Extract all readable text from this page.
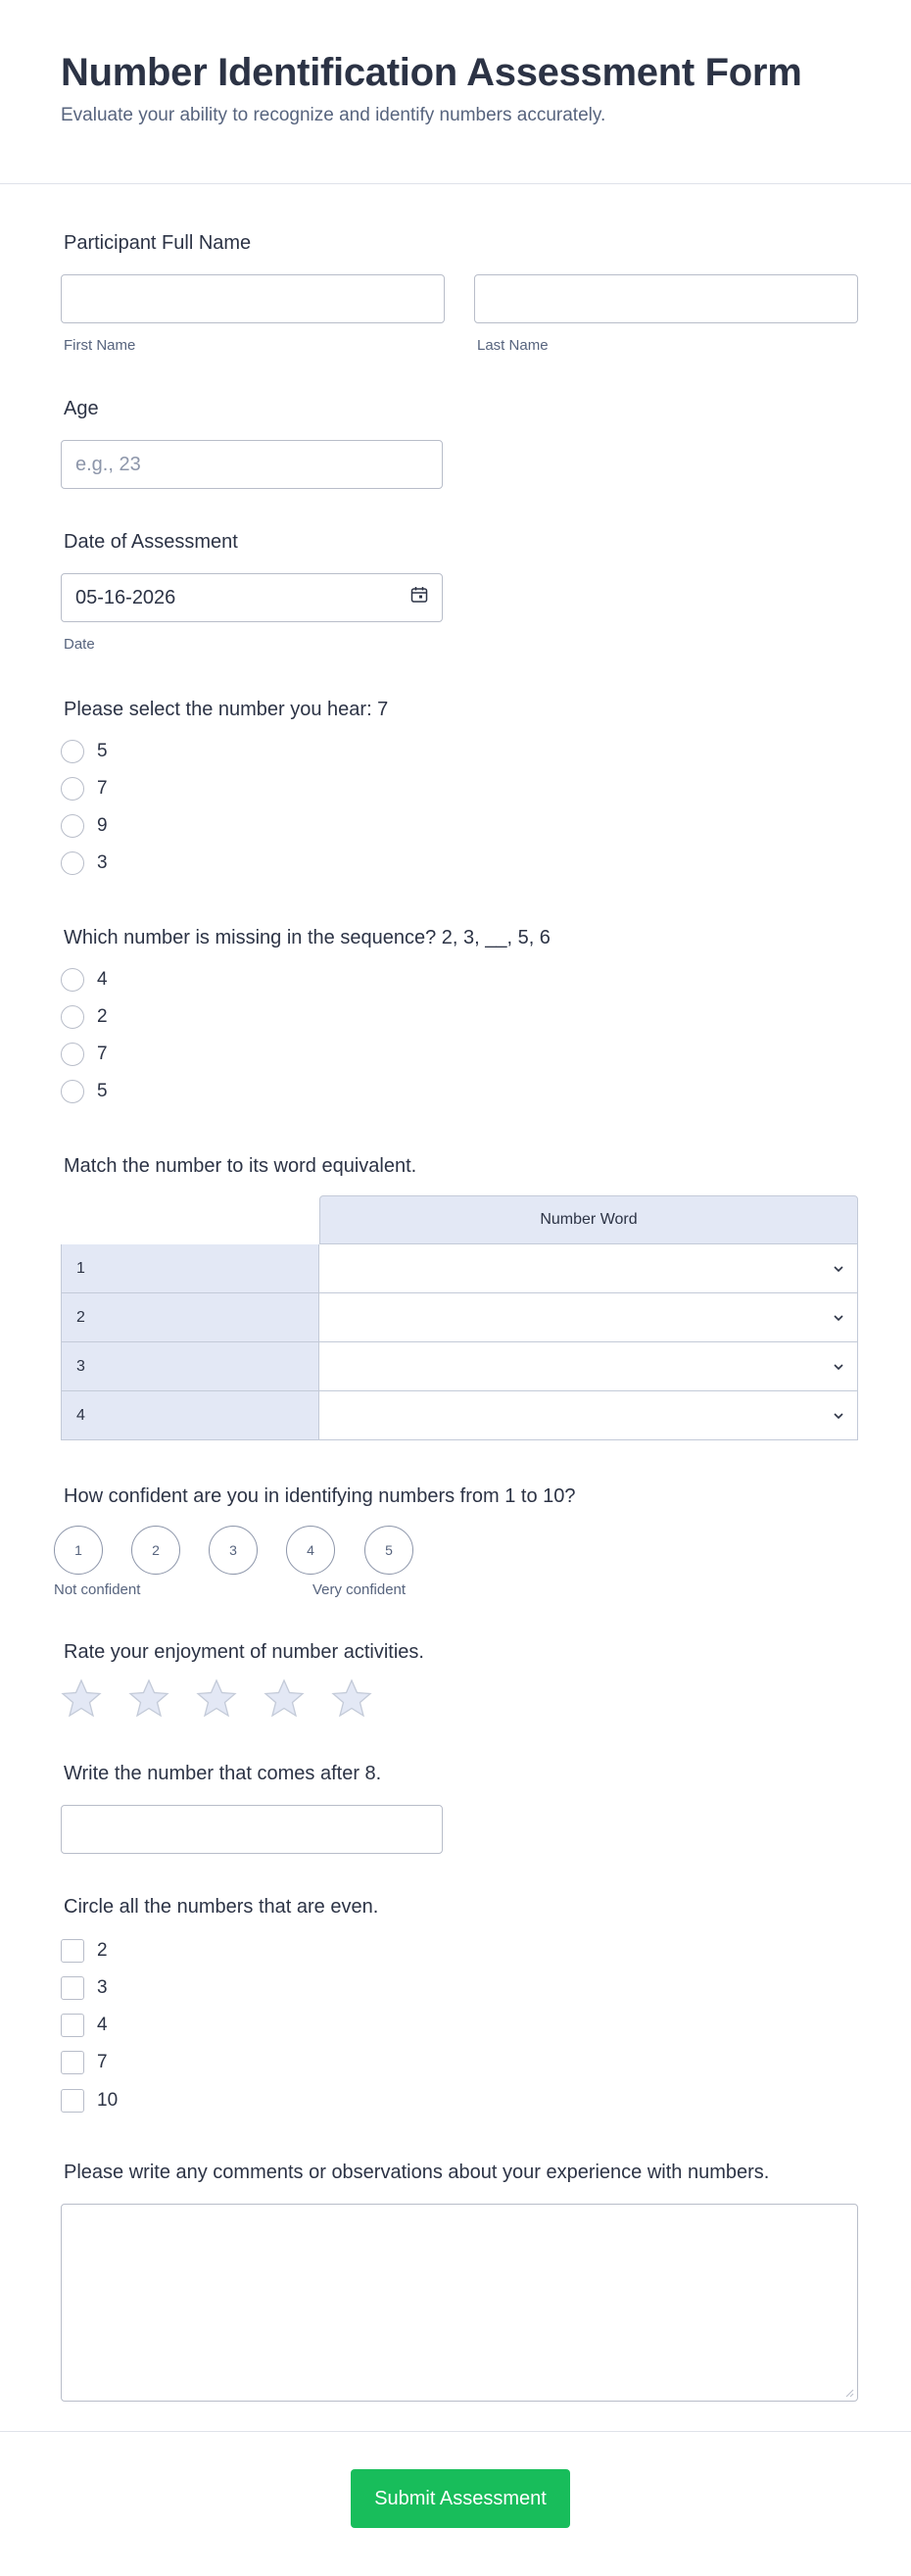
Number Identification Assessment Form
Evaluate your ability to recognize and identify numbers accurately.
Participant Full Name
First Name	Last Name
Age
e.g., 23
Date of Assessment
05-16-2026
Date
Please select the number you hear: 7
5
7
9
3
Which number is missing in the sequence? 2, 3, __, 5, 6
4
2
7
5
Match the number to its word equivalent.
Number Word
1
2
3
4
How confident are you in identifying numbers from 1 to 10?
1	2	3	4	5
Not confident	Very confident
Rate your enjoyment of number activities.
Write the number that comes after 8.
Circle all the numbers that are even.
2
3
4
7
10
Please write any comments or observations about your experience with numbers.
Submit Assessment
